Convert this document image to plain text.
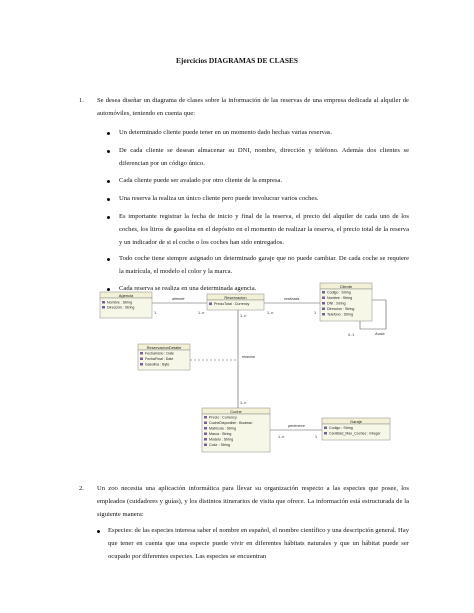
Ejercicios DIAGRAMAS DE CLASES
1. Se desea diseñar un diagrama de clases sobre la información de las reservas de una empresa dedicada al alquiler de automóviles, teniendo en cuenta que:
Un determinado cliente puede tener en un momento dado hechas varias reservas.
De cada cliente se desean almacenar su DNI, nombre, dirección y teléfono. Además dos clientes se diferencian por un código único.
Cada cliente puede ser avalado por otro cliente de la empresa.
Una reserva la realiza un único cliente pero puede involucrar varios coches.
Es importante registrar la fecha de inicio y final de la reserva, el precio del alquiler de cada uno de los coches, los litros de gasolina en el depósito en el momento de realizar la reserva, el precio total de la reserva y un indicador de si el coche o los coches han sido entregados.
Todo coche tiene siempre asignado un determinado garaje que no puede cambiar. De cada coche se requiere la matrícula, el modelo el color y la marca.
Cada reserva se realiza en una determinada agencia.
Agencia
Nombre : String
Dirección : String
Reservacion
PrecioTotal : Currency
Cliente
Codigo : String
Nombre : String
DNI : String
Direccion : String
Telefono : String
ReservacionDetalle
FechaInicio : Date
FechaFinal : Date
Gasolina : Byte
Coche
Precio : Currency
CocheDisponible : Boolean
Matricula : String
Marca : String
Modelo : String
Color : String
Garaje
Codigo : String
Cantidad_Max_Coches : Integer
atiende	realizada
relacion
pertenece
Avala
1	1..n	1..n	1
1..n
1..n
1..n	1
0..1
2. Un zoo necesita una aplicación informática para llevar su organización respecto a las especies que posee, los empleados (cuidadores y guías), y los distintos itinerarios de visita que ofrece. La información está estructurada de la siguiente manera:
Especies: de las especies interesa saber el nombre en español, el nombre científico y una descripción general. Hay que tener en cuenta que una especie puede vivir en diferentes hábitats naturales y que un hábitat puede ser ocupado por diferentes especies. Las especies se encuentran
